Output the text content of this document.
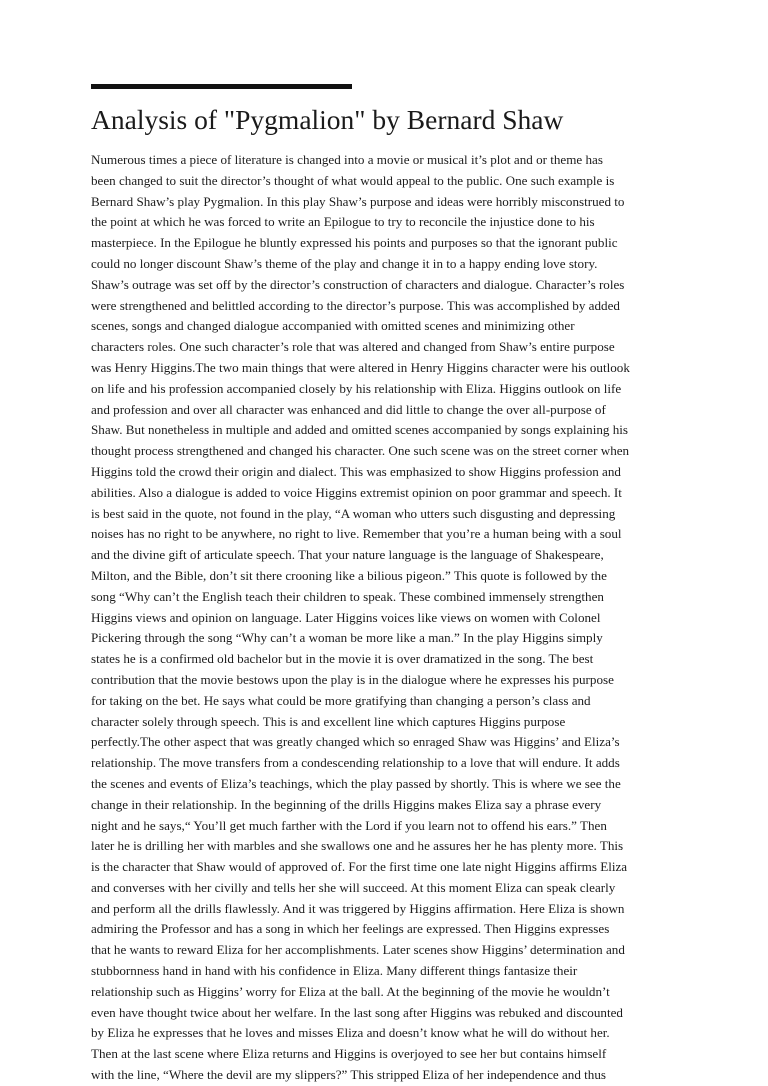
Analysis of "Pygmalion" by Bernard Shaw
Numerous times a piece of literature is changed into a movie or musical it’s plot and or theme has
been changed to suit the director’s thought of what would appeal to the public. One such example is
Bernard Shaw’s play Pygmalion. In this play Shaw’s purpose and ideas were horribly misconstrued to
the point at which he was forced to write an Epilogue to try to reconcile the injustice done to his
masterpiece. In the Epilogue he bluntly expressed his points and purposes so that the ignorant public
could no longer discount Shaw’s theme of the play and change it in to a happy ending love story.
Shaw’s outrage was set off by the director’s construction of characters and dialogue. Character’s roles
were strengthened and belittled according to the director’s purpose. This was accomplished by added
scenes, songs and changed dialogue accompanied with omitted scenes and minimizing other
characters roles. One such character’s role that was altered and changed from Shaw’s entire purpose
was Henry Higgins.The two main things that were altered in Henry Higgins character were his outlook
on life and his profession accompanied closely by his relationship with Eliza. Higgins outlook on life
and profession and over all character was enhanced and did little to change the over all-purpose of
Shaw. But nonetheless in multiple and added and omitted scenes accompanied by songs explaining his
thought process strengthened and changed his character. One such scene was on the street corner when
Higgins told the crowd their origin and dialect. This was emphasized to show Higgins profession and
abilities. Also a dialogue is added to voice Higgins extremist opinion on poor grammar and speech. It
is best said in the quote, not found in the play, “A woman who utters such disgusting and depressing
noises has no right to be anywhere, no right to live. Remember that you’re a human being with a soul
and the divine gift of articulate speech. That your nature language is the language of Shakespeare,
Milton, and the Bible, don’t sit there crooning like a bilious pigeon.” This quote is followed by the
song “Why can’t the English teach their children to speak. These combined immensely strengthen
Higgins views and opinion on language. Later Higgins voices like views on women with Colonel
Pickering through the song “Why can’t a woman be more like a man.” In the play Higgins simply
states he is a confirmed old bachelor but in the movie it is over dramatized in the song. The best
contribution that the movie bestows upon the play is in the dialogue where he expresses his purpose
for taking on the bet. He says what could be more gratifying than changing a person’s class and
character solely through speech. This is and excellent line which captures Higgins purpose
perfectly.The other aspect that was greatly changed which so enraged Shaw was Higgins’ and Eliza’s
relationship. The move transfers from a condescending relationship to a love that will endure. It adds
the scenes and events of Eliza’s teachings, which the play passed by shortly. This is where we see the
change in their relationship. In the beginning of the drills Higgins makes Eliza say a phrase every
night and he says,“ You’ll get much farther with the Lord if you learn not to offend his ears.” Then
later he is drilling her with marbles and she swallows one and he assures her he has plenty more. This
is the character that Shaw would of approved of. For the first time one late night Higgins affirms Eliza
and converses with her civilly and tells her she will succeed. At this moment Eliza can speak clearly
and perform all the drills flawlessly. And it was triggered by Higgins affirmation. Here Eliza is shown
admiring the Professor and has a song in which her feelings are expressed. Then Higgins expresses
that he wants to reward Eliza for her accomplishments. Later scenes show Higgins’ determination and
stubbornness hand in hand with his confidence in Eliza. Many different things fantasize their
relationship such as Higgins’ worry for Eliza at the ball. At the beginning of the movie he wouldn’t
even have thought twice about her welfare. In the last song after Higgins was rebuked and discounted
by Eliza he expresses that he loves and misses Eliza and doesn’t know what he will do without her.
Then at the last scene where Eliza returns and Higgins is overjoyed to see her but contains himself
with the line, “Where the devil are my slippers?” This stripped Eliza of her independence and thus
